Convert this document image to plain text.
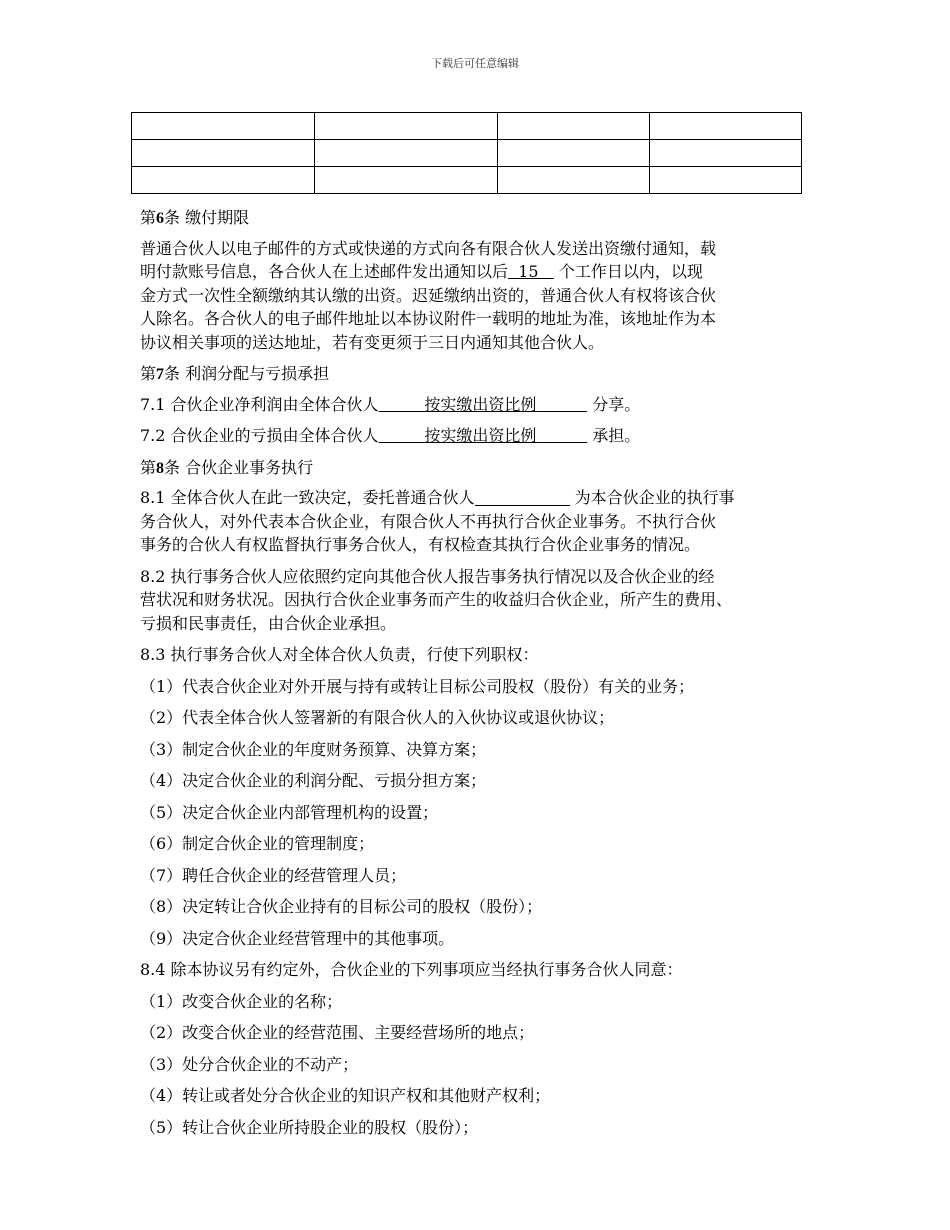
下载后可任意编辑

第6条 缴付期限
普通合伙人以电子邮件的方式或快递的方式向各有限合伙人发送出资缴付通知，载
明付款账号信息，各合伙人在上述邮件发出通知以后 15    个工作日以内，以现
金方式一次性全额缴纳其认缴的出资。迟延缴纳出资的，普通合伙人有权将该合伙
人除名。各合伙人的电子邮件地址以本协议附件一载明的地址为准，该地址作为本
协议相关事项的送达地址，若有变更须于三日内通知其他合伙人。
第7条 利润分配与亏损承担
7.1 合伙企业净利润由全体合伙人	按实缴出资比例	分享。
7.2 合伙企业的亏损由全体合伙人	按实缴出资比例	承担。
第8条 合伙企业事务执行
8.1 全体合伙人在此一致决定，委托普通合伙人	为本合伙企业的执行事
务合伙人，对外代表本合伙企业，有限合伙人不再执行合伙企业事务。不执行合伙
事务的合伙人有权监督执行事务合伙人，有权检查其执行合伙企业事务的情况。
8.2 执行事务合伙人应依照约定向其他合伙人报告事务执行情况以及合伙企业的经
营状况和财务状况。因执行合伙企业事务而产生的收益归合伙企业，所产生的费用、
亏损和民事责任，由合伙企业承担。
8.3 执行事务合伙人对全体合伙人负责，行使下列职权：
（1）代表合伙企业对外开展与持有或转让目标公司股权（股份）有关的业务；
（2）代表全体合伙人签署新的有限合伙人的入伙协议或退伙协议；
（3）制定合伙企业的年度财务预算、决算方案；
（4）决定合伙企业的利润分配、亏损分担方案；
（5）决定合伙企业内部管理机构的设置；
（6）制定合伙企业的管理制度；
（7）聘任合伙企业的经营管理人员；
（8）决定转让合伙企业持有的目标公司的股权（股份）；
（9）决定合伙企业经营管理中的其他事项。
8.4 除本协议另有约定外，合伙企业的下列事项应当经执行事务合伙人同意：
（1）改变合伙企业的名称；
（2）改变合伙企业的经营范围、主要经营场所的地点；
（3）处分合伙企业的不动产；
（4）转让或者处分合伙企业的知识产权和其他财产权利；
（5）转让合伙企业所持股企业的股权（股份）；
